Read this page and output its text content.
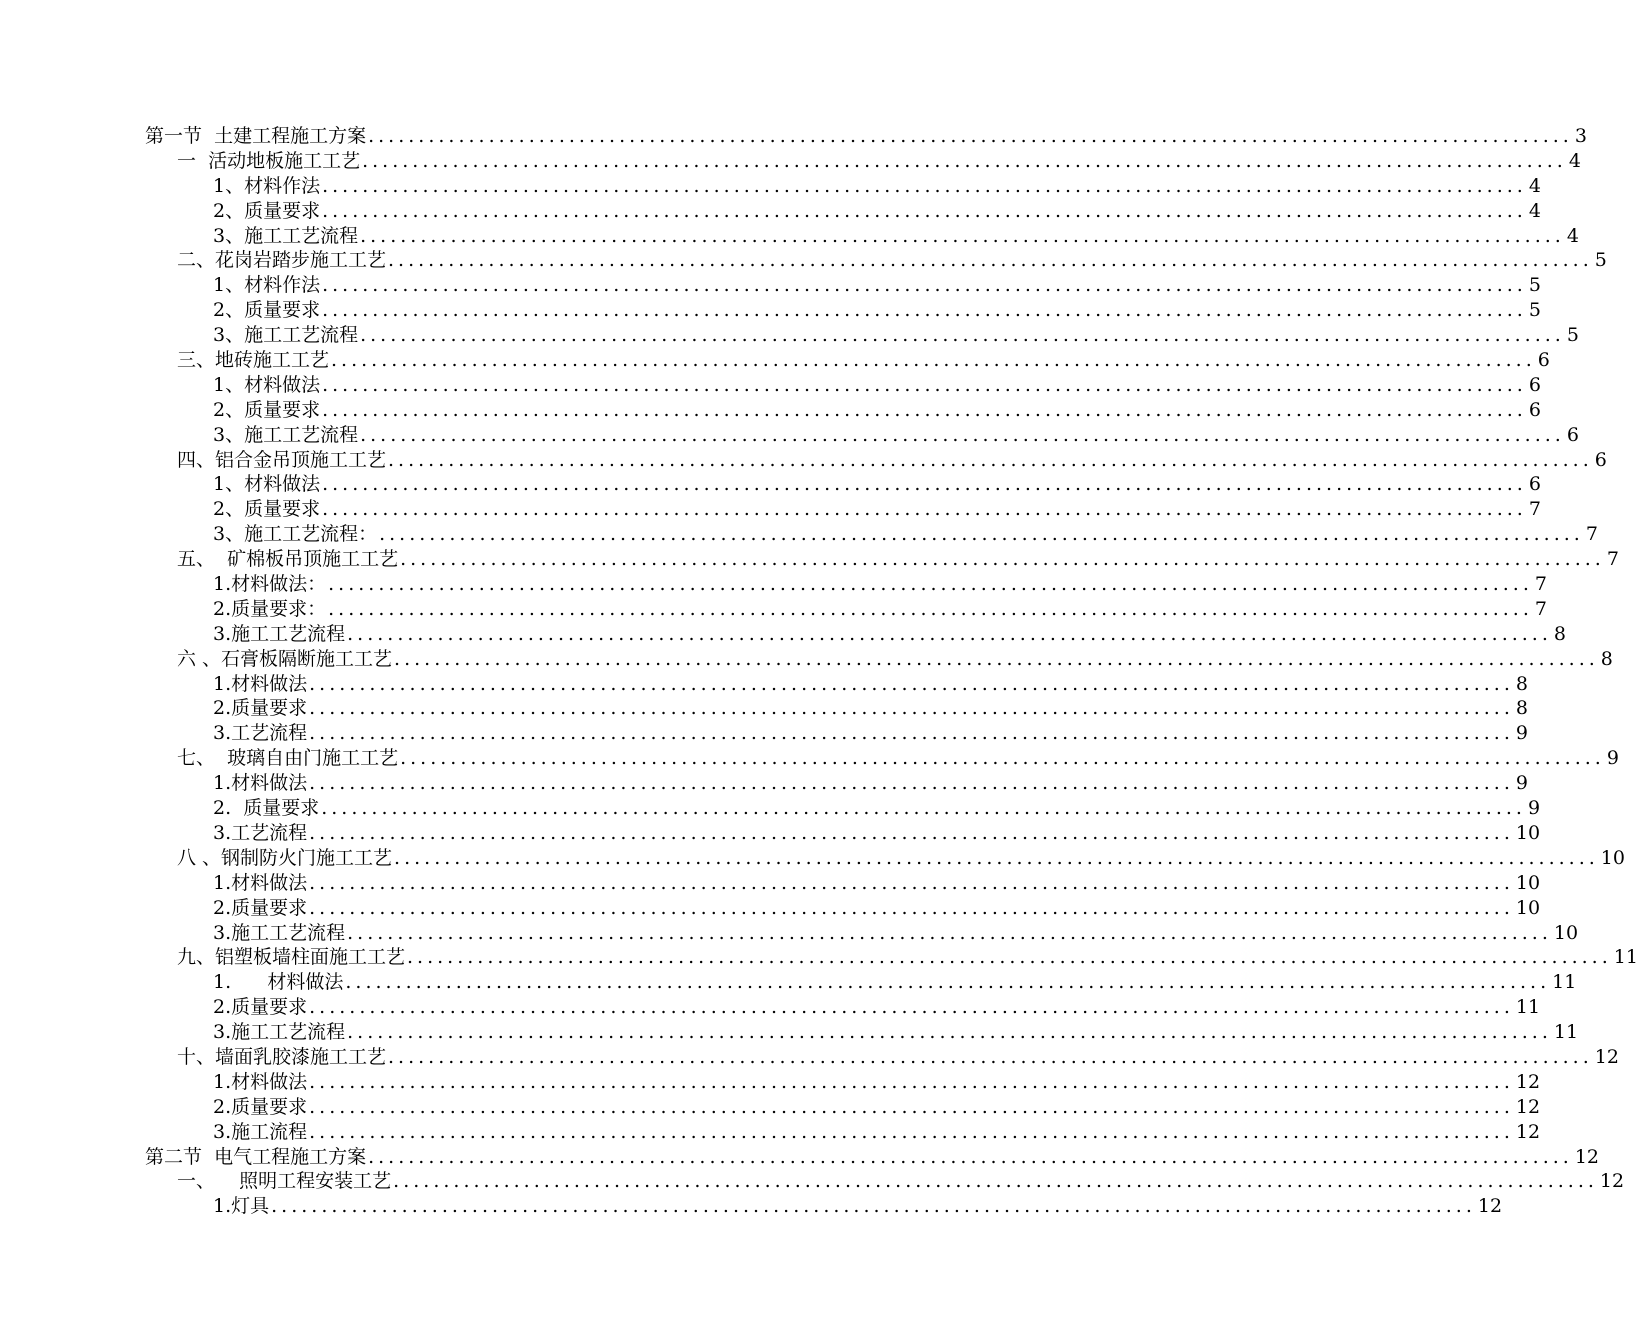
第一节  土建工程施工方案 ........................................................................................................................ 3
一  活动地板施工工艺 ........................................................................................................................ 4
1、材料作法 ........................................................................................................................ 4
2、质量要求 ........................................................................................................................ 4
3、施工工艺流程 ........................................................................................................................ 4
二、花岗岩踏步施工工艺 ........................................................................................................................ 5
1、材料作法 ........................................................................................................................ 5
2、质量要求 ........................................................................................................................ 5
3、施工工艺流程 ........................................................................................................................ 5
三、地砖施工工艺 ........................................................................................................................ 6
1、材料做法 ........................................................................................................................ 6
2、质量要求 ........................................................................................................................ 6
3、施工工艺流程 ........................................................................................................................ 6
四、铝合金吊顶施工工艺 ........................................................................................................................ 6
1、材料做法 ........................................................................................................................ 6
2、质量要求 ........................................................................................................................ 7
3、施工工艺流程： ........................................................................................................................ 7
五、  矿棉板吊顶施工工艺 ........................................................................................................................ 7
1.材料做法： ........................................................................................................................ 7
2.质量要求： ........................................................................................................................ 7
3.施工工艺流程 ........................................................................................................................ 8
六 、石膏板隔断施工工艺 ........................................................................................................................ 8
1.材料做法 ........................................................................................................................ 8
2.质量要求 ........................................................................................................................ 8
3.工艺流程 ........................................................................................................................ 9
七、  玻璃自由门施工工艺 ........................................................................................................................ 9
1.材料做法 ........................................................................................................................ 9
2.  质量要求 ........................................................................................................................ 9
3.工艺流程 ........................................................................................................................ 10
八 、钢制防火门施工工艺 ........................................................................................................................ 10
1.材料做法 ........................................................................................................................ 10
2.质量要求 ........................................................................................................................ 10
3.施工工艺流程 ........................................................................................................................ 10
九、铝塑板墙柱面施工工艺 ........................................................................................................................ 11
1.      材料做法 ........................................................................................................................ 11
2.质量要求 ........................................................................................................................ 11
3.施工工艺流程 ........................................................................................................................ 11
十、墙面乳胶漆施工工艺 ........................................................................................................................ 12
1.材料做法 ........................................................................................................................ 12
2.质量要求 ........................................................................................................................ 12
3.施工流程 ........................................................................................................................ 12
第二节  电气工程施工方案 ........................................................................................................................ 12
一、    照明工程安装工艺 ........................................................................................................................ 12
1.灯具 ........................................................................................................................ 12
